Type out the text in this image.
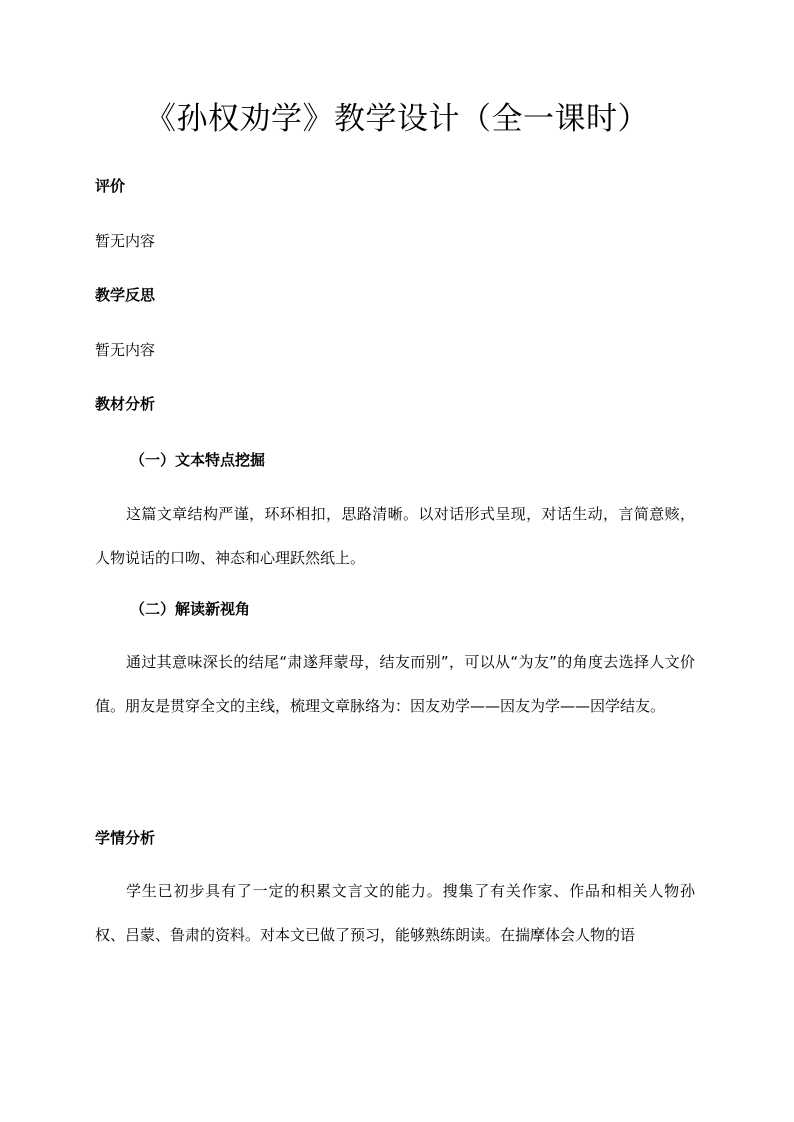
《孙权劝学》教学设计（全一课时）
评价

暂无内容

教学反思

暂无内容

教材分析
（一）文本特点挖掘

这篇文章结构严谨，环环相扣，思路清晰。以对话形式呈现，对话生动，言简意赅，人物说话的口吻、神态和心理跃然纸上。

（二）解读新视角

通过其意味深长的结尾“肃遂拜蒙母，结友而别”，可以从“为友”的角度去选择人文价值。朋友是贯穿全文的主线，梳理文章脉络为：因友劝学——因友为学——因学结友。

学情分析

学生已初步具有了一定的积累文言文的能力。搜集了有关作家、作品和相关人物孙权、吕蒙、鲁肃的资料。对本文已做了预习，能够熟练朗读。在揣摩体会人物的语
